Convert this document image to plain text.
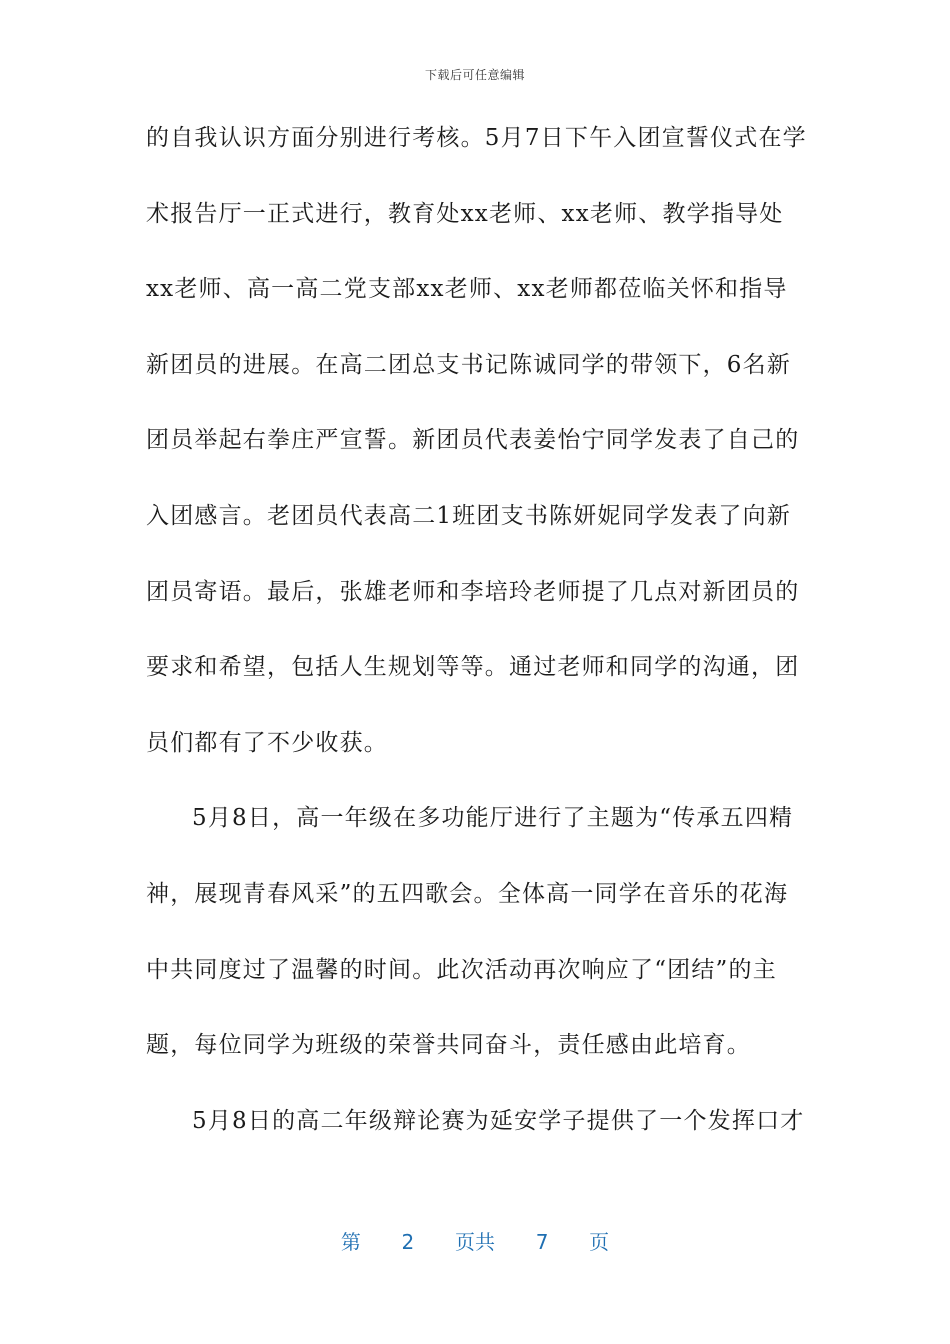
下载后可任意编辑
的自我认识方面分别进行考核。5月7日下午入团宣誓仪式在学
术报告厅一正式进行，教育处xx老师、xx老师、教学指导处
xx老师、高一高二党支部xx老师、xx老师都莅临关怀和指导
新团员的进展。在高二团总支书记陈诚同学的带领下，6名新
团员举起右拳庄严宣誓。新团员代表姜怡宁同学发表了自己的
入团感言。老团员代表高二1班团支书陈妍妮同学发表了向新
团员寄语。最后，张雄老师和李培玲老师提了几点对新团员的
要求和希望，包括人生规划等等。通过老师和同学的沟通，团
员们都有了不少收获。
5月8日，高一年级在多功能厅进行了主题为“传承五四精
神，展现青春风采”的五四歌会。全体高一同学在音乐的花海
中共同度过了温馨的时间。此次活动再次响应了“团结”的主
题，每位同学为班级的荣誉共同奋斗，责任感由此培育。
5月8日的高二年级辩论赛为延安学子提供了一个发挥口才
第 2 页共 7 页
